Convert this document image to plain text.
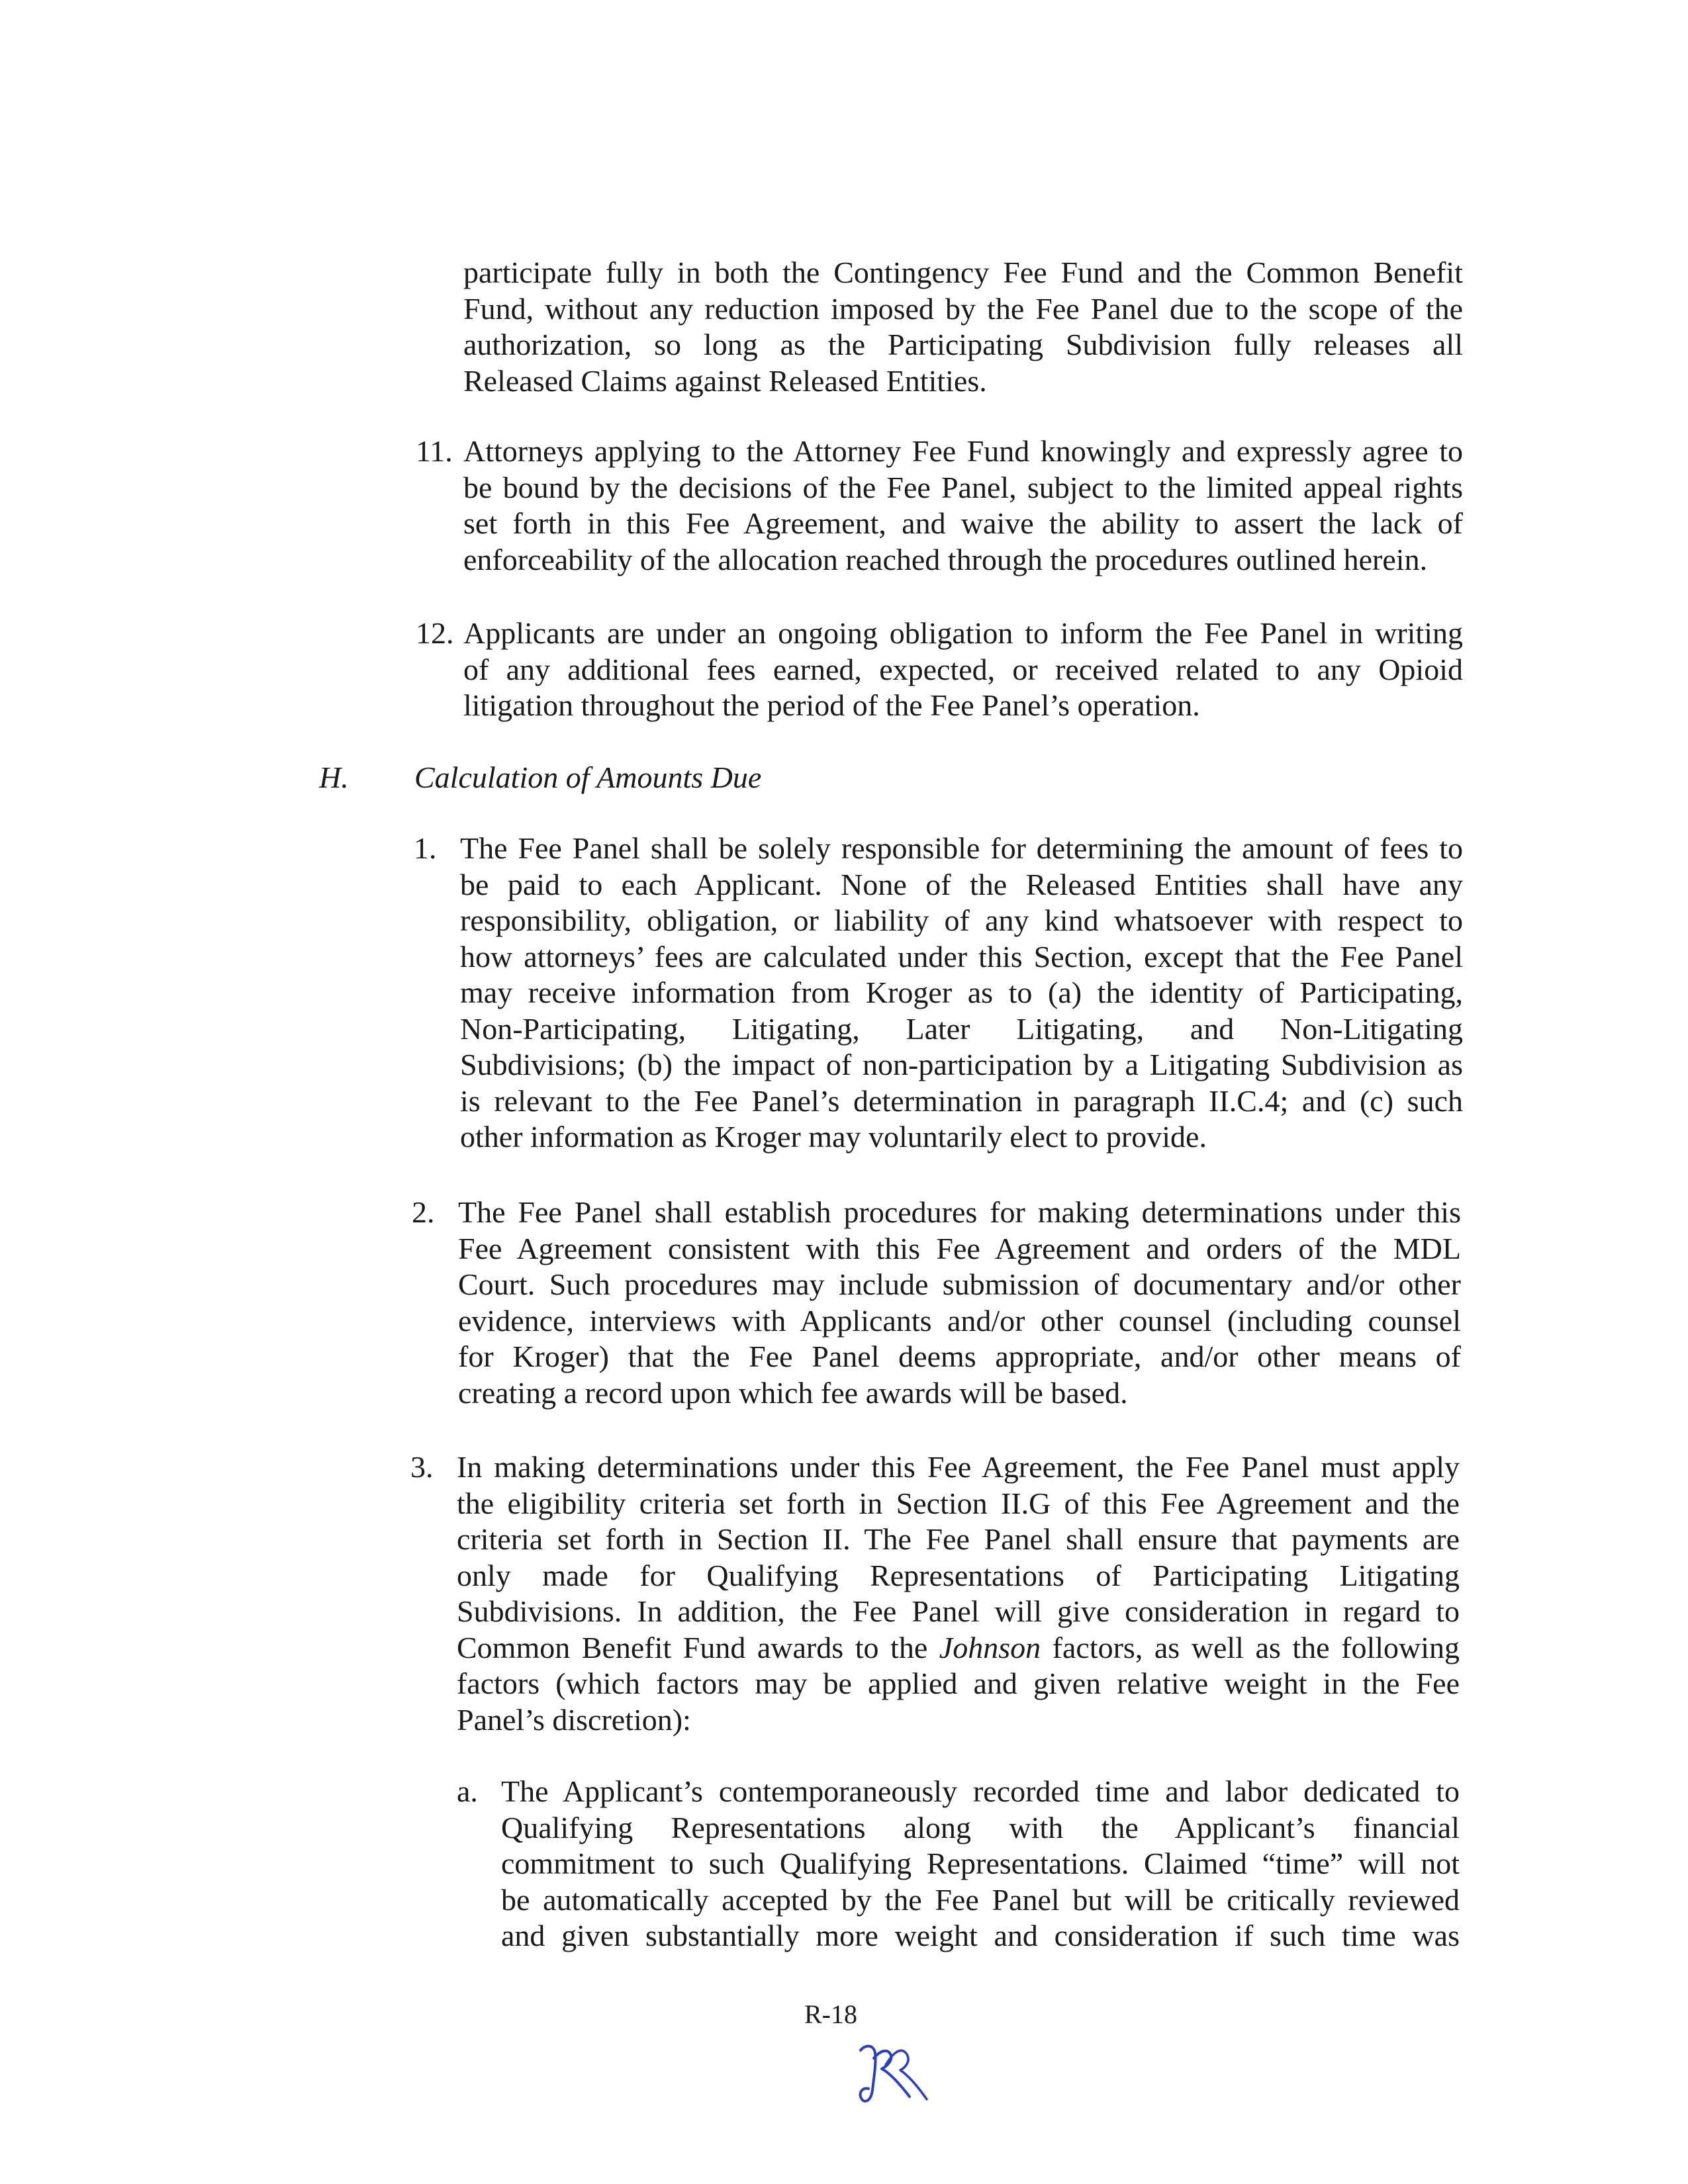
participate fully in both the Contingency Fee Fund and the Common Benefit
Fund, without any reduction imposed by the Fee Panel due to the scope of the
authorization, so long as the Participating Subdivision fully releases all
Released Claims against Released Entities.
11. Attorneys applying to the Attorney Fee Fund knowingly and expressly agree to
be bound by the decisions of the Fee Panel, subject to the limited appeal rights
set forth in this Fee Agreement, and waive the ability to assert the lack of
enforceability of the allocation reached through the procedures outlined herein.
12. Applicants are under an ongoing obligation to inform the Fee Panel in writing
of any additional fees earned, expected, or received related to any Opioid
litigation throughout the period of the Fee Panel’s operation.
H. Calculation of Amounts Due
1. The Fee Panel shall be solely responsible for determining the amount of fees to
be paid to each Applicant. None of the Released Entities shall have any
responsibility, obligation, or liability of any kind whatsoever with respect to
how attorneys’ fees are calculated under this Section, except that the Fee Panel
may receive information from Kroger as to (a) the identity of Participating,
Non-Participating, Litigating, Later Litigating, and Non-Litigating
Subdivisions; (b) the impact of non-participation by a Litigating Subdivision as
is relevant to the Fee Panel’s determination in paragraph II.C.4; and (c) such
other information as Kroger may voluntarily elect to provide.
2. The Fee Panel shall establish procedures for making determinations under this
Fee Agreement consistent with this Fee Agreement and orders of the MDL
Court. Such procedures may include submission of documentary and/or other
evidence, interviews with Applicants and/or other counsel (including counsel
for Kroger) that the Fee Panel deems appropriate, and/or other means of
creating a record upon which fee awards will be based.
3. In making determinations under this Fee Agreement, the Fee Panel must apply
the eligibility criteria set forth in Section II.G of this Fee Agreement and the
criteria set forth in Section II. The Fee Panel shall ensure that payments are
only made for Qualifying Representations of Participating Litigating
Subdivisions. In addition, the Fee Panel will give consideration in regard to
Common Benefit Fund awards to the Johnson factors, as well as the following
factors (which factors may be applied and given relative weight in the Fee
Panel’s discretion):
a. The Applicant’s contemporaneously recorded time and labor dedicated to
Qualifying Representations along with the Applicant’s financial
commitment to such Qualifying Representations. Claimed “time” will not
be automatically accepted by the Fee Panel but will be critically reviewed
and given substantially more weight and consideration if such time was
R-18
